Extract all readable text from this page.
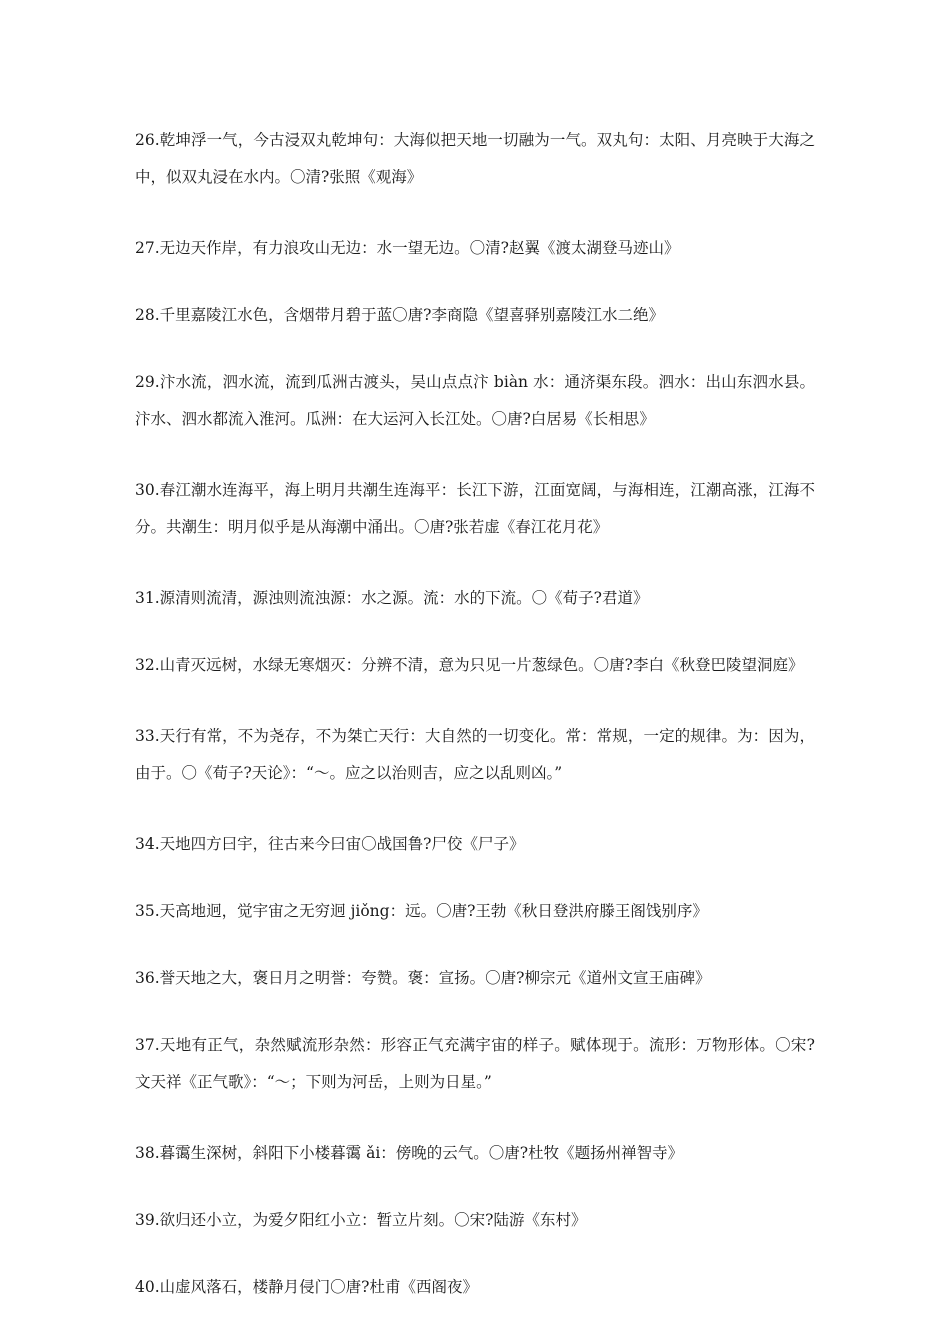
26.乾坤浮一气，今古浸双丸乾坤句：大海似把天地一切融为一气。双丸句：太阳、月亮映于大海之中，似双丸浸在水内。〇清?张照《观海》

27.无边天作岸，有力浪攻山无边：水一望无边。〇清?赵翼《渡太湖登马迹山》

28.千里嘉陵江水色，含烟带月碧于蓝〇唐?李商隐《望喜驿别嘉陵江水二绝》

29.汴水流，泗水流，流到瓜洲古渡头，吴山点点汴 biàn 水：通济渠东段。泗水：出山东泗水县。汴水、泗水都流入淮河。瓜洲：在大运河入长江处。〇唐?白居易《长相思》

30.春江潮水连海平，海上明月共潮生连海平：长江下游，江面宽阔，与海相连，江潮高涨，江海不分。共潮生：明月似乎是从海潮中涌出。〇唐?张若虚《春江花月花》

31.源清则流清，源浊则流浊源：水之源。流：水的下流。〇《荀子?君道》

32.山青灭远树，水绿无寒烟灭：分辨不清，意为只见一片葱绿色。〇唐?李白《秋登巴陵望洞庭》

33.天行有常，不为尧存，不为桀亡天行：大自然的一切变化。常：常规，一定的规律。为：因为，由于。〇《荀子?天论》：“～。应之以治则吉，应之以乱则凶。”

34.天地四方曰宇，往古来今曰宙〇战国鲁?尸佼《尸子》

35.天高地迥，觉宇宙之无穷迥 jiǒng：远。〇唐?王勃《秋日登洪府滕王阁饯别序》

36.誉天地之大，褒日月之明誉：夸赞。褒：宣扬。〇唐?柳宗元《道州文宣王庙碑》

37.天地有正气，杂然赋流形杂然：形容正气充满宇宙的样子。赋体现于。流形：万物形体。〇宋?文天祥《正气歌》：“～；下则为河岳，上则为日星。”

38.暮霭生深树，斜阳下小楼暮霭 ǎi：傍晚的云气。〇唐?杜牧《题扬州禅智寺》

39.欲归还小立，为爱夕阳红小立：暂立片刻。〇宋?陆游《东村》

40.山虚风落石，楼静月侵门〇唐?杜甫《西阁夜》
